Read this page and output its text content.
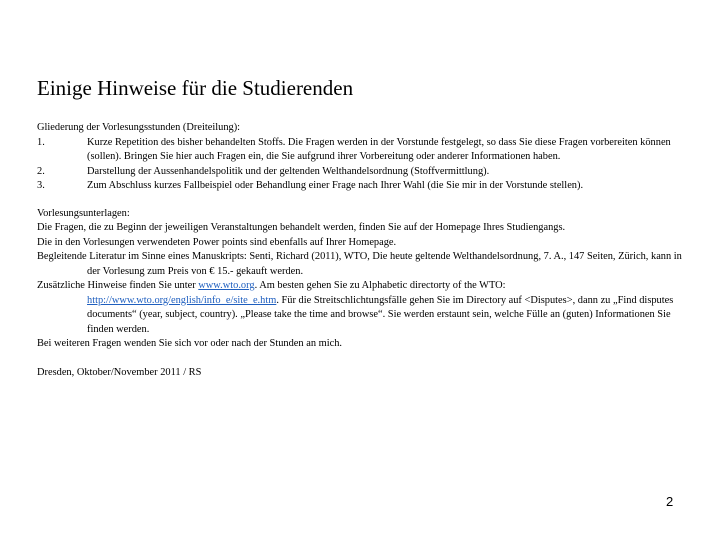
Einige Hinweise für die Studierenden
Gliederung der Vorlesungsstunden (Dreiteilung):
1.	Kurze Repetition des bisher behandelten Stoffs. Die Fragen werden in der Vorstunde festgelegt, so dass Sie diese Fragen vorbereiten können (sollen). Bringen Sie hier auch Fragen ein, die Sie aufgrund ihrer Vorbereitung oder anderer Informationen haben.
2.	Darstellung der Aussenhandelspolitik und der geltenden Welthandelsordnung (Stoffvermittlung).
3.	Zum Abschluss kurzes Fallbeispiel oder Behandlung einer Frage nach Ihrer Wahl (die Sie mir in der Vorstunde stellen).
Vorlesungsunterlagen:
Die Fragen, die zu Beginn der jeweiligen Veranstaltungen behandelt werden, finden Sie auf der Homepage Ihres Studiengangs.
Die in den Vorlesungen verwendeten Power points sind ebenfalls auf Ihrer Homepage.
Begleitende Literatur im Sinne eines Manuskripts: Senti, Richard (2011), WTO, Die heute geltende Welthandelsordnung, 7. A., 147 Seiten, Zürich, kann in der Vorlesung zum Preis von € 15.- gekauft werden.
Zusätzliche Hinweise finden Sie unter www.wto.org. Am besten gehen Sie zu Alphabetic directorty of the WTO: http://www.wto.org/english/info_e/site_e.htm. Für die Streitschlichtungsfälle gehen Sie im Directory auf <Disputes>, dann zu „Find disputes documents“ (year, subject, country). „Please take the time and browse“. Sie werden erstaunt sein, welche Fülle an (guten) Informationen Sie finden werden.
Bei weiteren Fragen wenden Sie sich vor oder nach der Stunden an mich.
Dresden, Oktober/November 2011 / RS
2
